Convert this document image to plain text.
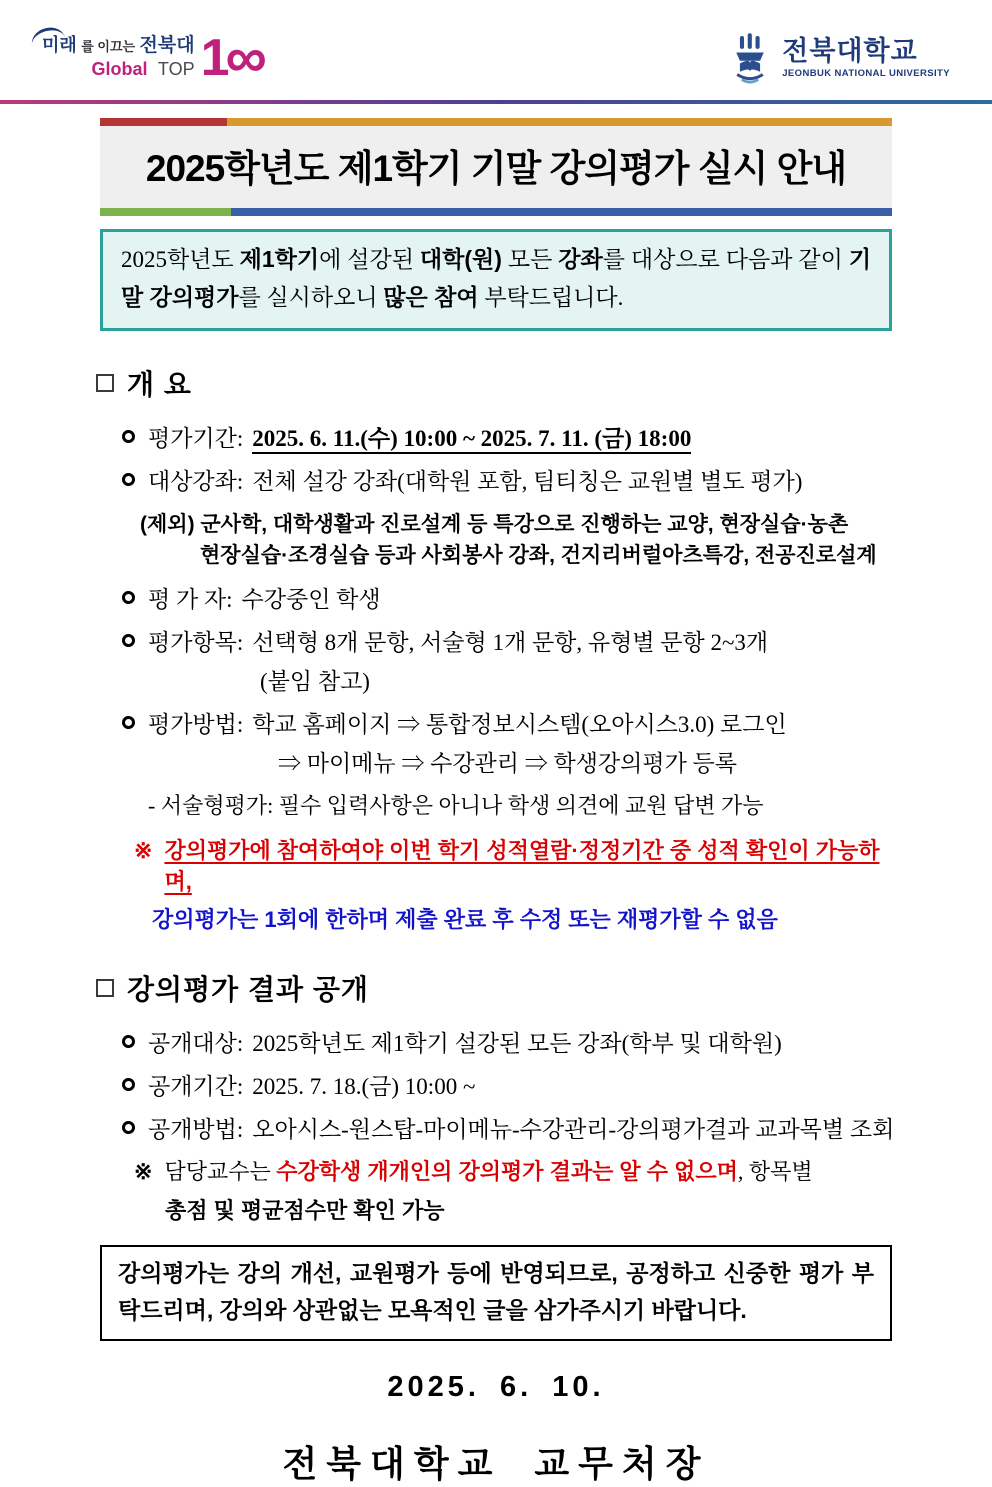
미래 를 이끄는 전북대
Global TOP 1
∞	전북대학교
JEONBUK NATIONAL UNIVERSITY
2025학년도 제1학기 기말 강의평가 실시 안내
2025학년도 제1학기에 설강된 대학(원) 모든 강좌를 대상으로 다음과 같이 기말 강의평가를 실시하오니 많은 참여 부탁드립니다.
개 요
평가기간: 2025. 6. 11.(수) 10:00 ~ 2025. 7. 11. (금) 18:00
대상강좌: 전체 설강 강좌(대학원 포함, 팀티칭은 교원별 별도 평가)
(제외) 군사학, 대학생활과 진로설계 등 특강으로 진행하는 교양, 현장실습·농촌
현장실습·조경실습 등과 사회봉사 강좌, 건지리버럴아츠특강, 전공진로설계
평 가 자: 수강중인 학생
평가항목: 선택형 8개 문항, 서술형 1개 문항, 유형별 문항 2~3개
(붙임 참고)
평가방법: 학교 홈페이지 ⇒ 통합정보시스템(오아시스3.0) 로그인
⇒ 마이메뉴 ⇒ 수강관리 ⇒ 학생강의평가 등록
- 서술형평가: 필수 입력사항은 아니나 학생 의견에 교원 답변 가능
※ 강의평가에 참여하여야 이번 학기 성적열람·정정기간 중 성적 확인이 가능하며,
강의평가는 1회에 한하며 제출 완료 후 수정 또는 재평가할 수 없음
강의평가 결과 공개
공개대상: 2025학년도 제1학기 설강된 모든 강좌(학부 및 대학원)
공개기간: 2025. 7. 18.(금) 10:00 ~
공개방법: 오아시스-원스탑-마이메뉴-수강관리-강의평가결과 교과목별 조회
※ 담당교수는 수강학생 개개인의 강의평가 결과는 알 수 없으며, 항목별
총점 및 평균점수만 확인 가능
강의평가는 강의 개선, 교원평가 등에 반영되므로, 공정하고 신중한 평가 부탁드리며, 강의와 상관없는 모욕적인 글을 삼가주시기 바랍니다.
2025. 6. 10.
전북대학교 교무처장
